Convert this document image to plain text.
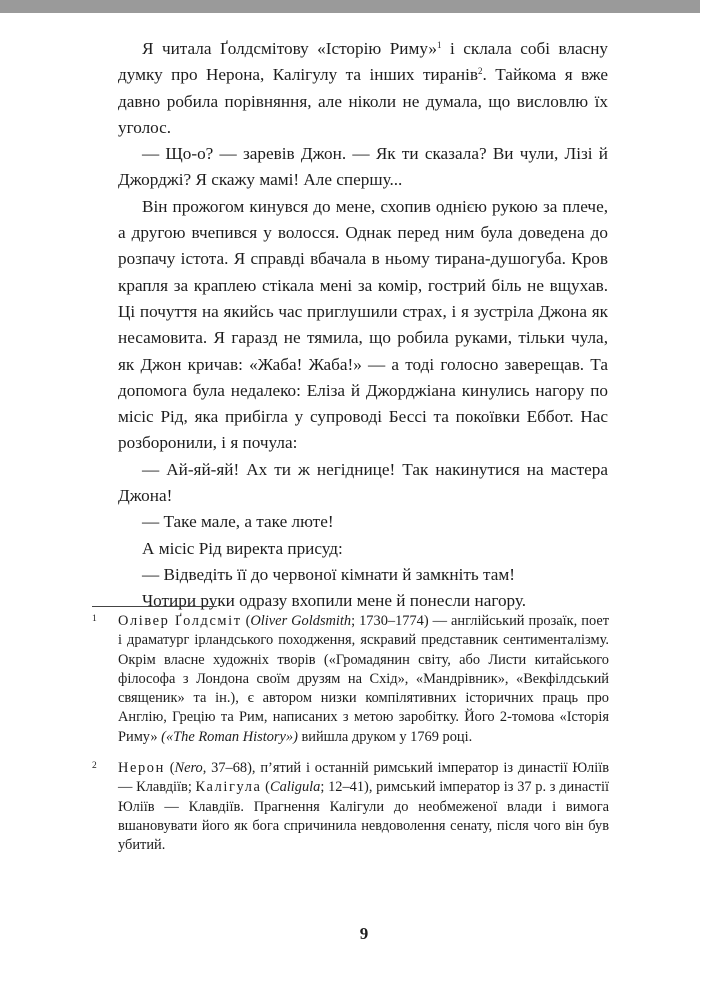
Я читала Ґолдсмітову «Історію Риму»$^1$ і склала собі власну думку про Нерона, Калігулу та інших тиранів$^2$. Тайкома я вже давно робила порівняння, але ніколи не думала, що висловлю їх уголос.

— Що-о? — заревів Джон. — Як ти сказала? Ви чули, Лізі й Джорджі? Я скажу мамі! Але спершу...

Він прожогом кинувся до мене, схопив однією рукою за плече, а другою вчепився у волосся. Однак перед ним була доведена до розпачу істота. Я справді вбачала в ньому тирана-душогуба. Кров крапля за краплею стікала мені за комір, гострий біль не вщухав. Ці почуття на якийсь час приглушили страх, і я зустріла Джона як несамовита. Я гаразд не тямила, що робила руками, тільки чула, як Джон кричав: «Жаба! Жаба!» — а тоді голосно заверещав. Та допомога була недалеко: Еліза й Джорджіана кинулись нагору по місіс Рід, яка прибігла у супроводі Бессі та покоївки Еббот. Нас розборонили, і я почула:

— Ай-яй-яй! Ах ти ж негіднице! Так накинутися на мастера Джона!

— Таке мале, а таке люте!

А місіс Рід виректа присуд:

— Відведіть її до червоної кімнати й замкніть там!

Чотири руки одразу вхопили мене й понесли нагору.

1 Олівер Ґолдсміт (Oliver Goldsmith; 1730–1774) — англійський прозаїк, поет і драматург ірландського походження, яскравий представник сентименталізму. Окрім власне художніх творів («Громадянин світу, або Листи китайського філософа з Лондона своїм друзям на Схід», «Мандрівник», «Векфілдський священик» та ін.), є автором низки компілятивних історичних праць про Англію, Грецію та Рим, написаних з метою заробітку. Його 2-томова «Історія Риму» («The Roman History») вийшла друком у 1769 році.
2 Нерон (Nero, 37–68), п’ятий і останній римський імператор із династії Юліїв — Клавдіїв; Калігула (Caligula; 12–41), римський імператор із 37 р. з династії Юліїв — Клавдіїв. Прагнення Калігули до необмеженої влади і вимога вшановувати його як бога спричинила невдоволення сенату, після чого він був убитий.
9
